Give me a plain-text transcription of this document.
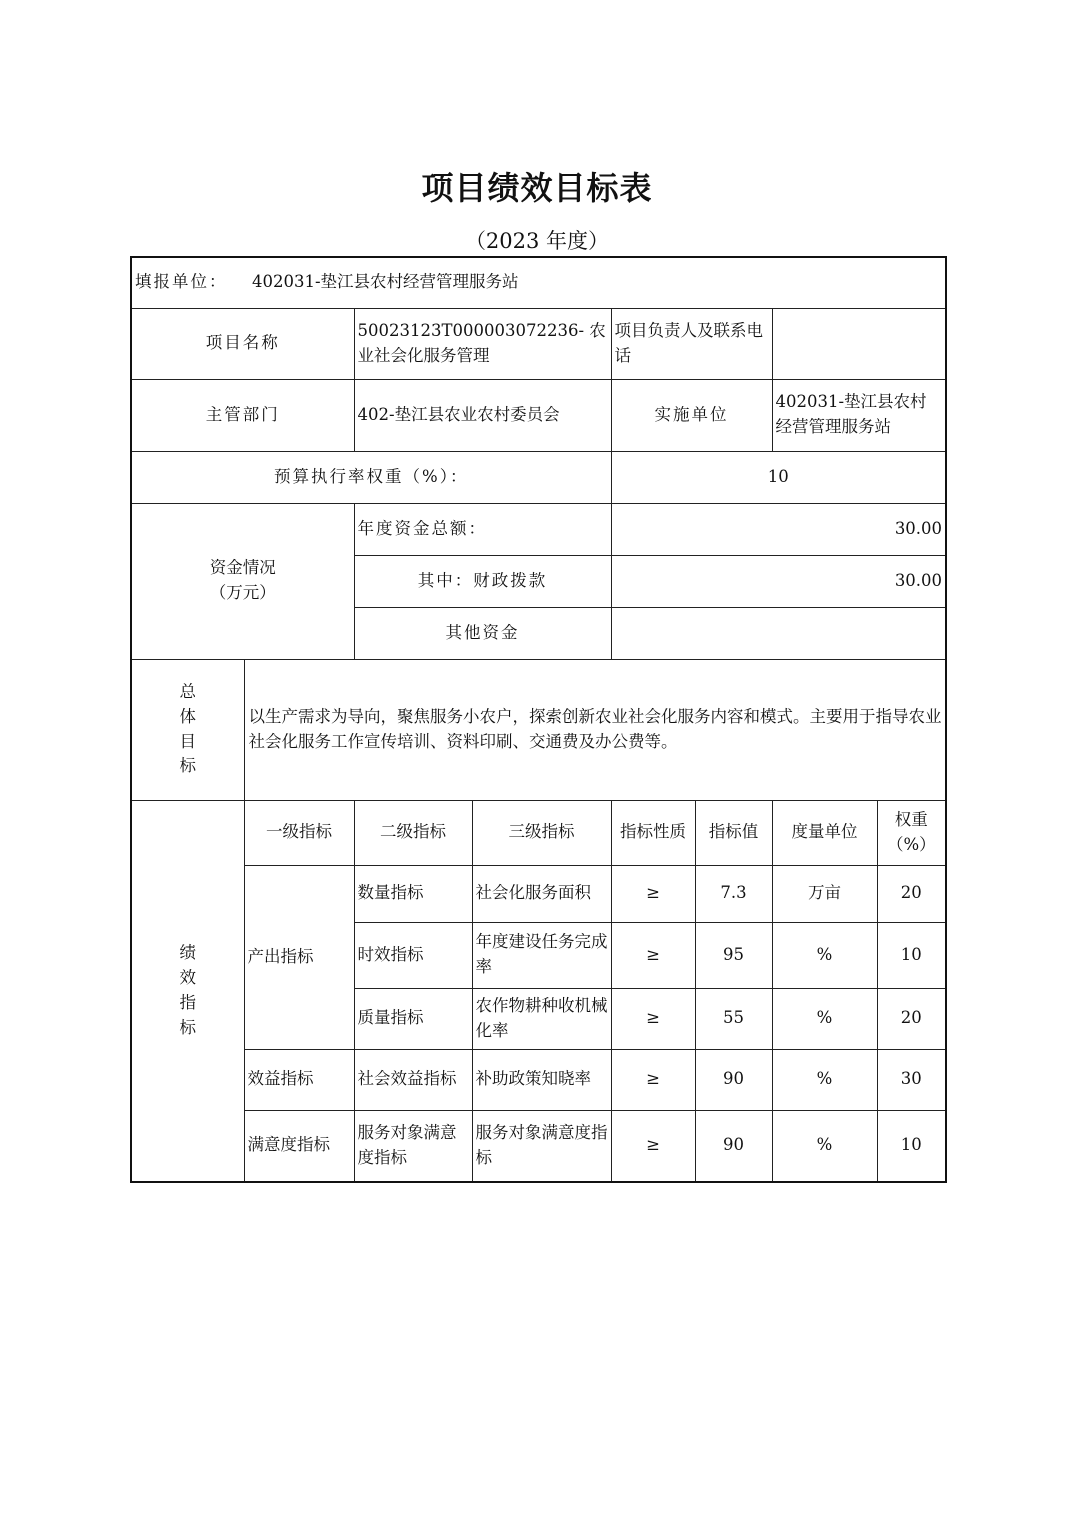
项目绩效目标表
（2023 年度）
填报单位： 402031-垫江县农村经营管理服务站							
项目名称		50023123T000003072236- 农 业社会化服务管理		项目负责人及联系电话			
主管部门		402-垫江县农业农村委员会		实施单位		402031-垫江县农村经营管理服务站	
预算执行率权重（%）：				10			
资金情况
（万元）		年度资金总额：		30.00			
		其中：财政拨款		30.00			
		其他资金					

总
体
目
标	以生产需求为导向，聚焦服务小农户，探索创新农业社会化服务内容和模式。主要用于指导农业社会化服务工作宣传培训、资料印刷、交通费及办公费等。						

绩
效
指
标	一级指标	二级指标	三级指标	指标性质	指标值	度量单位	权重
（%）
	产出指标	数量指标	社会化服务面积	≥	7.3	万亩	20
		时效指标	年度建设任务完成率	≥	95	%	10
		质量指标	农作物耕种收机械化率	≥	55	%	20
	效益指标	社会效益指标	补助政策知晓率	≥	90	%	30
	满意度指标	服务对象满意度指标	服务对象满意度指标	≥	90	%	10
